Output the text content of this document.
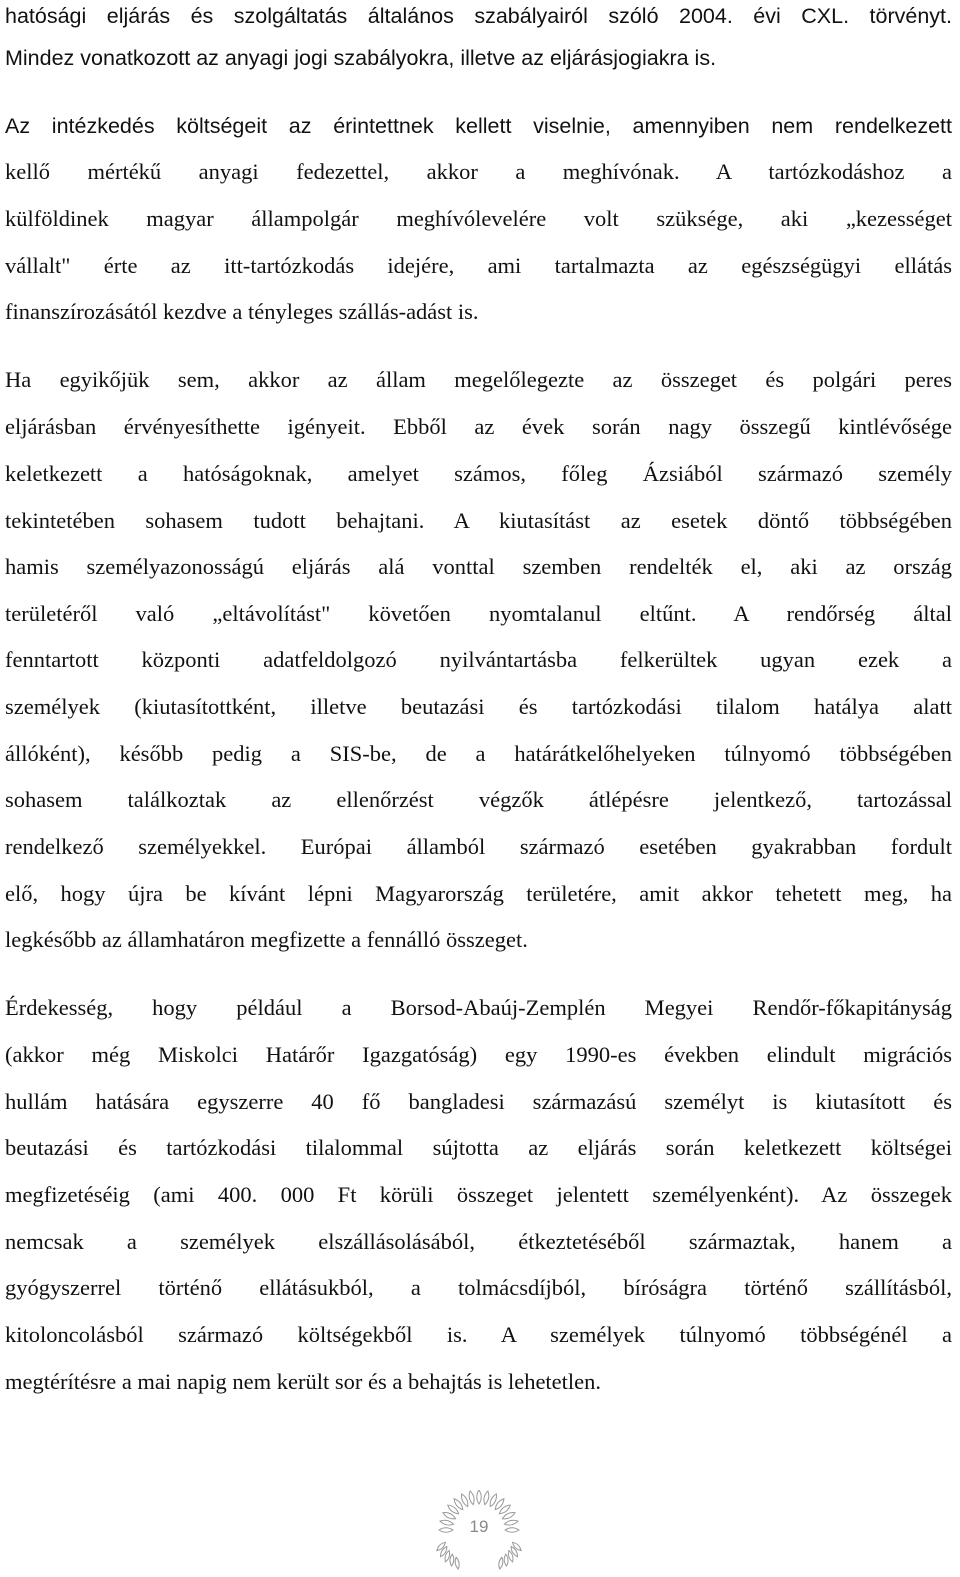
hatósági eljárás és szolgáltatás általános szabályairól szóló 2004. évi CXL. törvényt.
Mindez vonatkozott az anyagi jogi szabályokra, illetve az eljárásjogiakra is.
Az intézkedés költségeit az érintettnek kellett viselnie, amennyiben nem rendelkezett
kellő mértékű anyagi fedezettel, akkor a meghívónak. A tartózkodáshoz a
külföldinek magyar állampolgár meghívólevelére volt szüksége, aki „kezességet
vállalt" érte az itt-tartózkodás idejére, ami tartalmazta az egészségügyi ellátás
finanszírozásától kezdve a tényleges szállás-adást is.
Ha egyikőjük sem, akkor az állam megelőlegezte az összeget és polgári peres
eljárásban érvényesíthette igényeit. Ebből az évek során nagy összegű kintlévősége
keletkezett a hatóságoknak, amelyet számos, főleg Ázsiából származó személy
tekintetében sohasem tudott behajtani. A kiutasítást az esetek döntő többségében
hamis személyazonosságú eljárás alá vonttal szemben rendelték el, aki az ország
területéről való „eltávolítást" követően nyomtalanul eltűnt. A rendőrség által
fenntartott központi adatfeldolgozó nyilvántartásba felkerültek ugyan ezek a
személyek (kiutasítottként, illetve beutazási és tartózkodási tilalom hatálya alatt
állóként), később pedig a SIS-be, de a határátkelőhelyeken túlnyomó többségében
sohasem találkoztak az ellenőrzést végzők átlépésre jelentkező, tartozással
rendelkező személyekkel. Európai államból származó esetében gyakrabban fordult
elő, hogy újra be kívánt lépni Magyarország területére, amit akkor tehetett meg, ha
legkésőbb az államhatáron megfizette a fennálló összeget.
Érdekesség, hogy például a Borsod-Abaúj-Zemplén Megyei Rendőr-főkapitányság
(akkor még Miskolci Határőr Igazgatóság) egy 1990-es években elindult migrációs
hullám hatására egyszerre 40 fő bangladesi származású személyt is kiutasított és
beutazási és tartózkodási tilalommal sújtotta az eljárás során keletkezett költségei
megfizetéséig (ami 400. 000 Ft körüli összeget jelentett személyenként). Az összegek
nemcsak a személyek elszállásolásából, étkeztetéséből származtak, hanem a
gyógyszerrel történő ellátásukból, a tolmácsdíjból, bíróságra történő szállításból,
kitoloncolásból származó költségekből is. A személyek túlnyomó többségénél a
megtérítésre a mai napig nem került sor és a behajtás is lehetetlen.
19
